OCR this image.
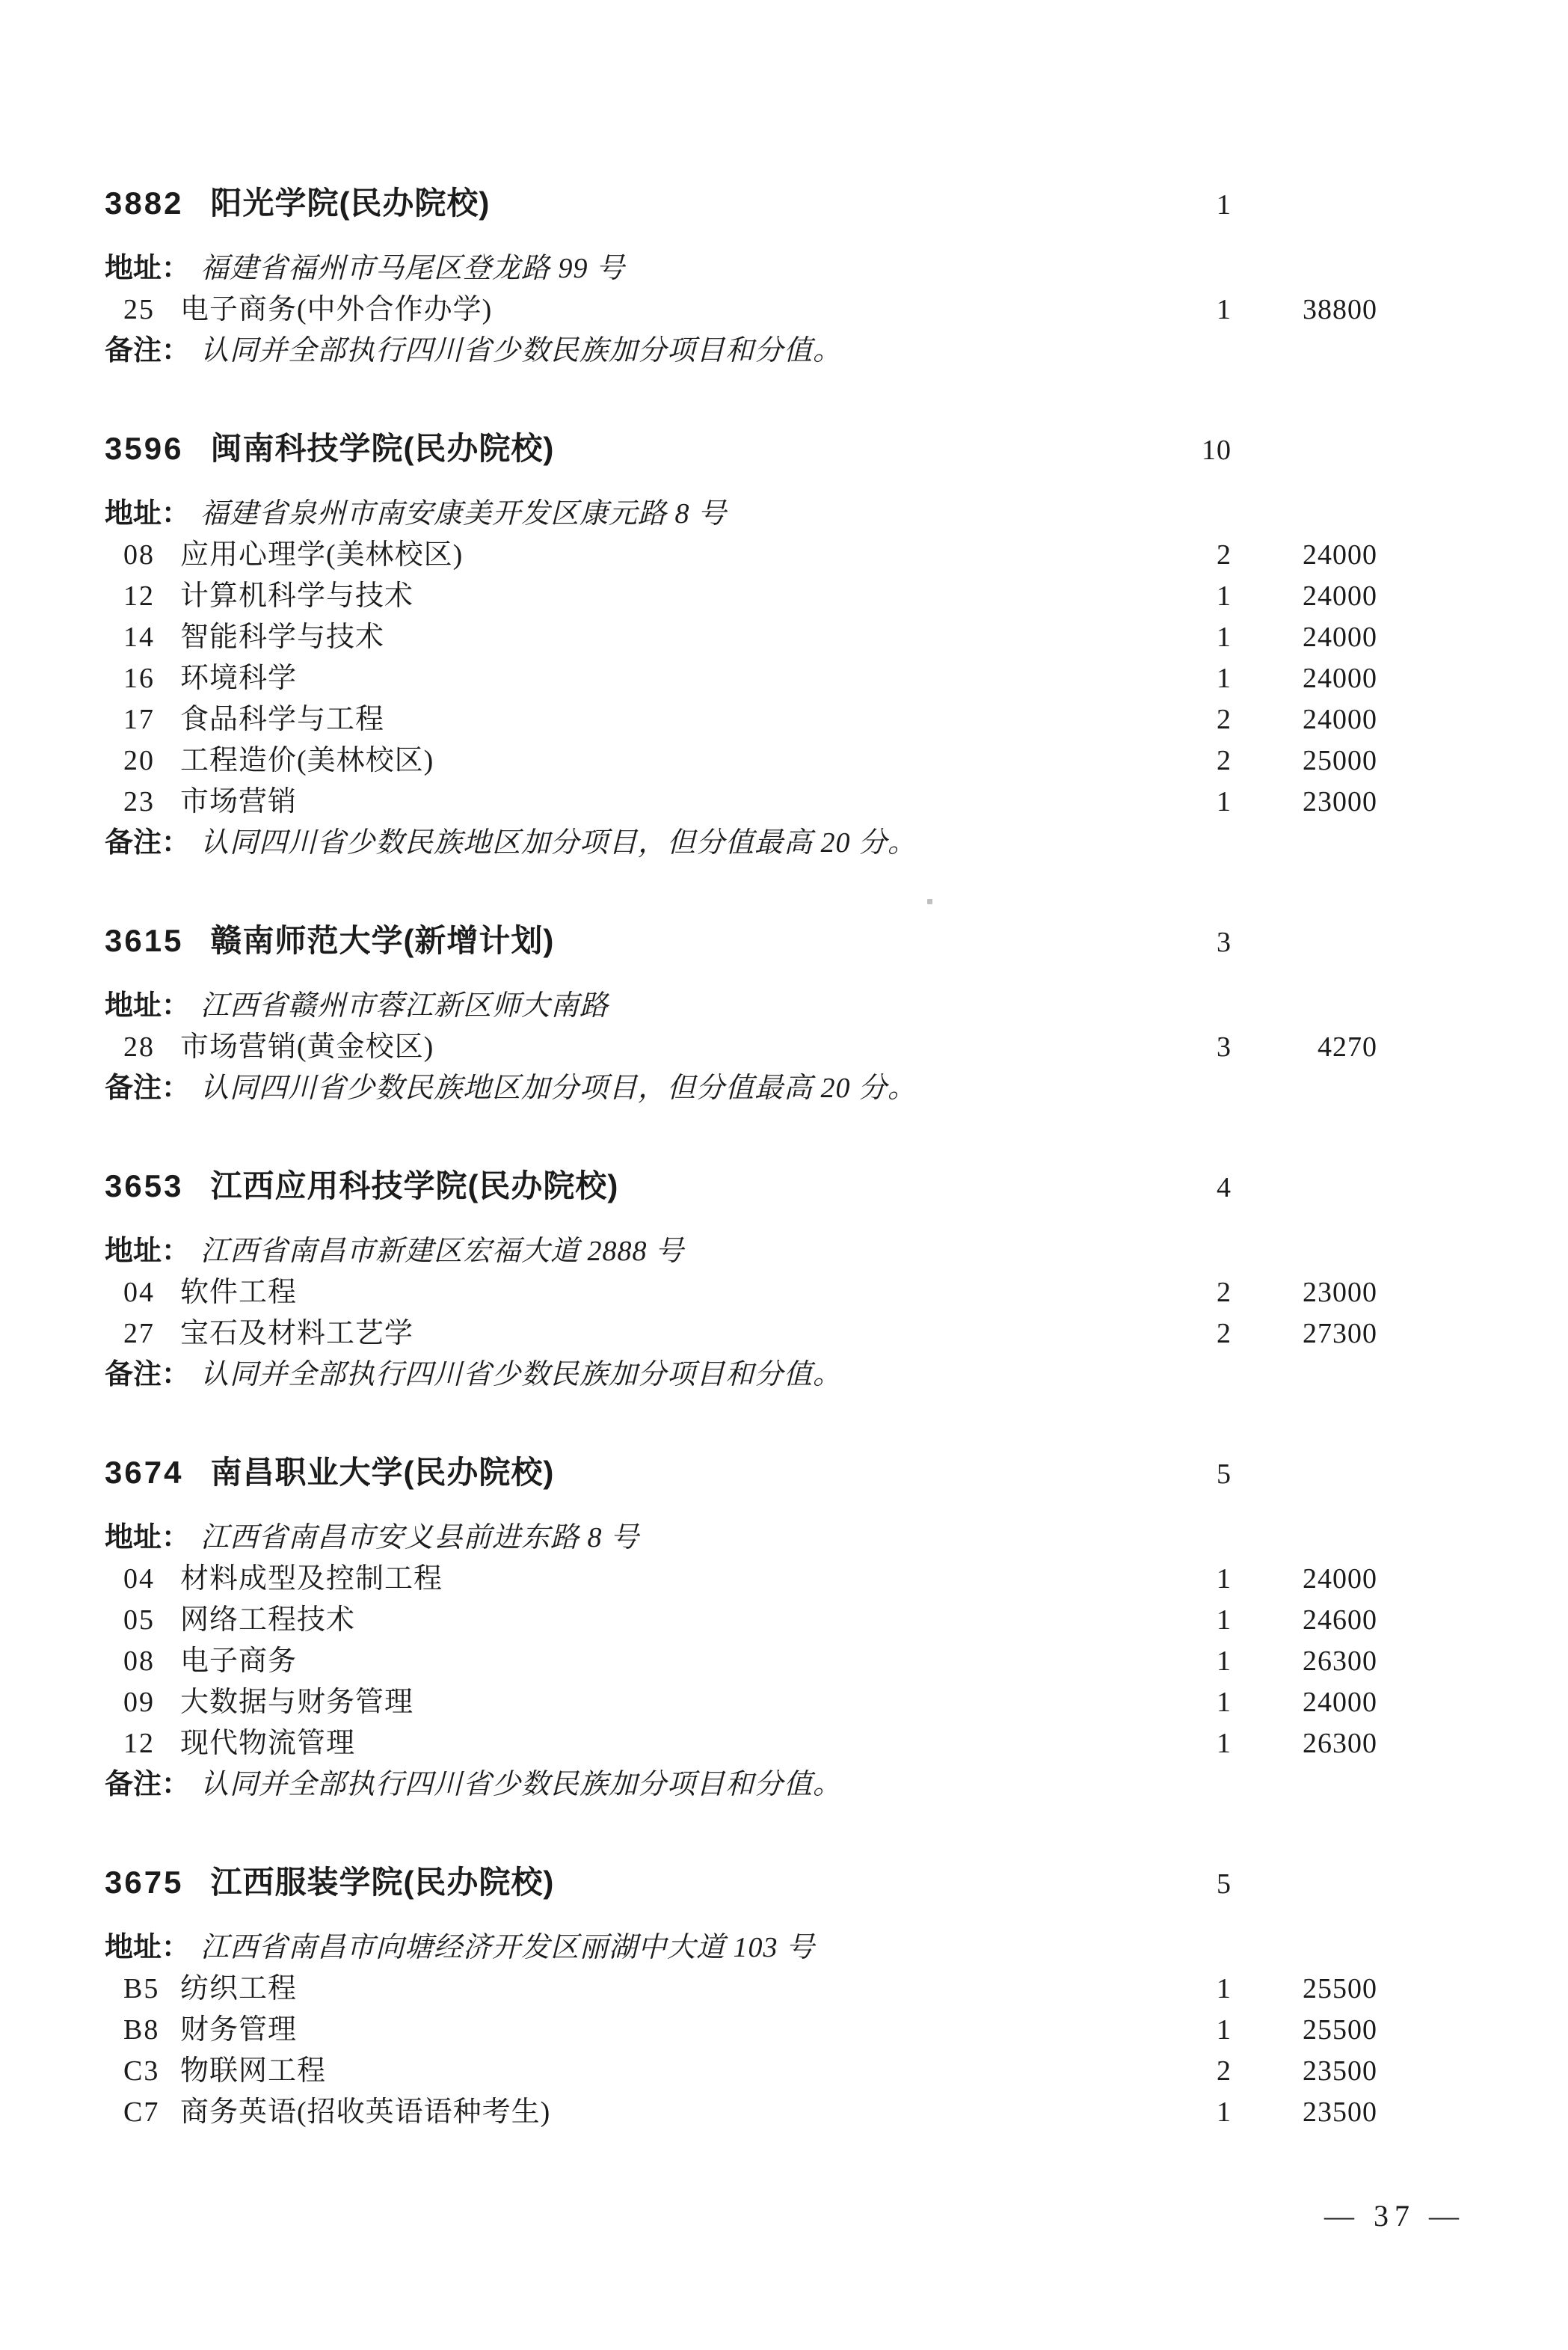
3882 阳光学院(民办院校)	1
地址： 福建省福州市马尾区登龙路 99 号
25 电子商务(中外合作办学)	1	38800
备注： 认同并全部执行四川省少数民族加分项目和分值。
3596 闽南科技学院(民办院校)	10
地址： 福建省泉州市南安康美开发区康元路 8 号
08 应用心理学(美林校区)	2	24000
12 计算机科学与技术	1	24000
14 智能科学与技术	1	24000
16 环境科学	1	24000
17 食品科学与工程	2	24000
20 工程造价(美林校区)	2	25000
23 市场营销	1	23000
备注： 认同四川省少数民族地区加分项目，但分值最高 20 分。
3615 赣南师范大学(新增计划)	3
地址： 江西省赣州市蓉江新区师大南路
28 市场营销(黄金校区)	3	4270
备注： 认同四川省少数民族地区加分项目，但分值最高 20 分。
3653 江西应用科技学院(民办院校)	4
地址： 江西省南昌市新建区宏福大道 2888 号
04 软件工程	2	23000
27 宝石及材料工艺学	2	27300
备注： 认同并全部执行四川省少数民族加分项目和分值。
3674 南昌职业大学(民办院校)	5
地址： 江西省南昌市安义县前进东路 8 号
04 材料成型及控制工程	1	24000
05 网络工程技术	1	24600
08 电子商务	1	26300
09 大数据与财务管理	1	24000
12 现代物流管理	1	26300
备注： 认同并全部执行四川省少数民族加分项目和分值。
3675 江西服装学院(民办院校)	5
地址： 江西省南昌市向塘经济开发区丽湖中大道 103 号
B5 纺织工程	1	25500
B8 财务管理	1	25500
C3 物联网工程	2	23500
C7 商务英语(招收英语语种考生)	1	23500
— 37 —
